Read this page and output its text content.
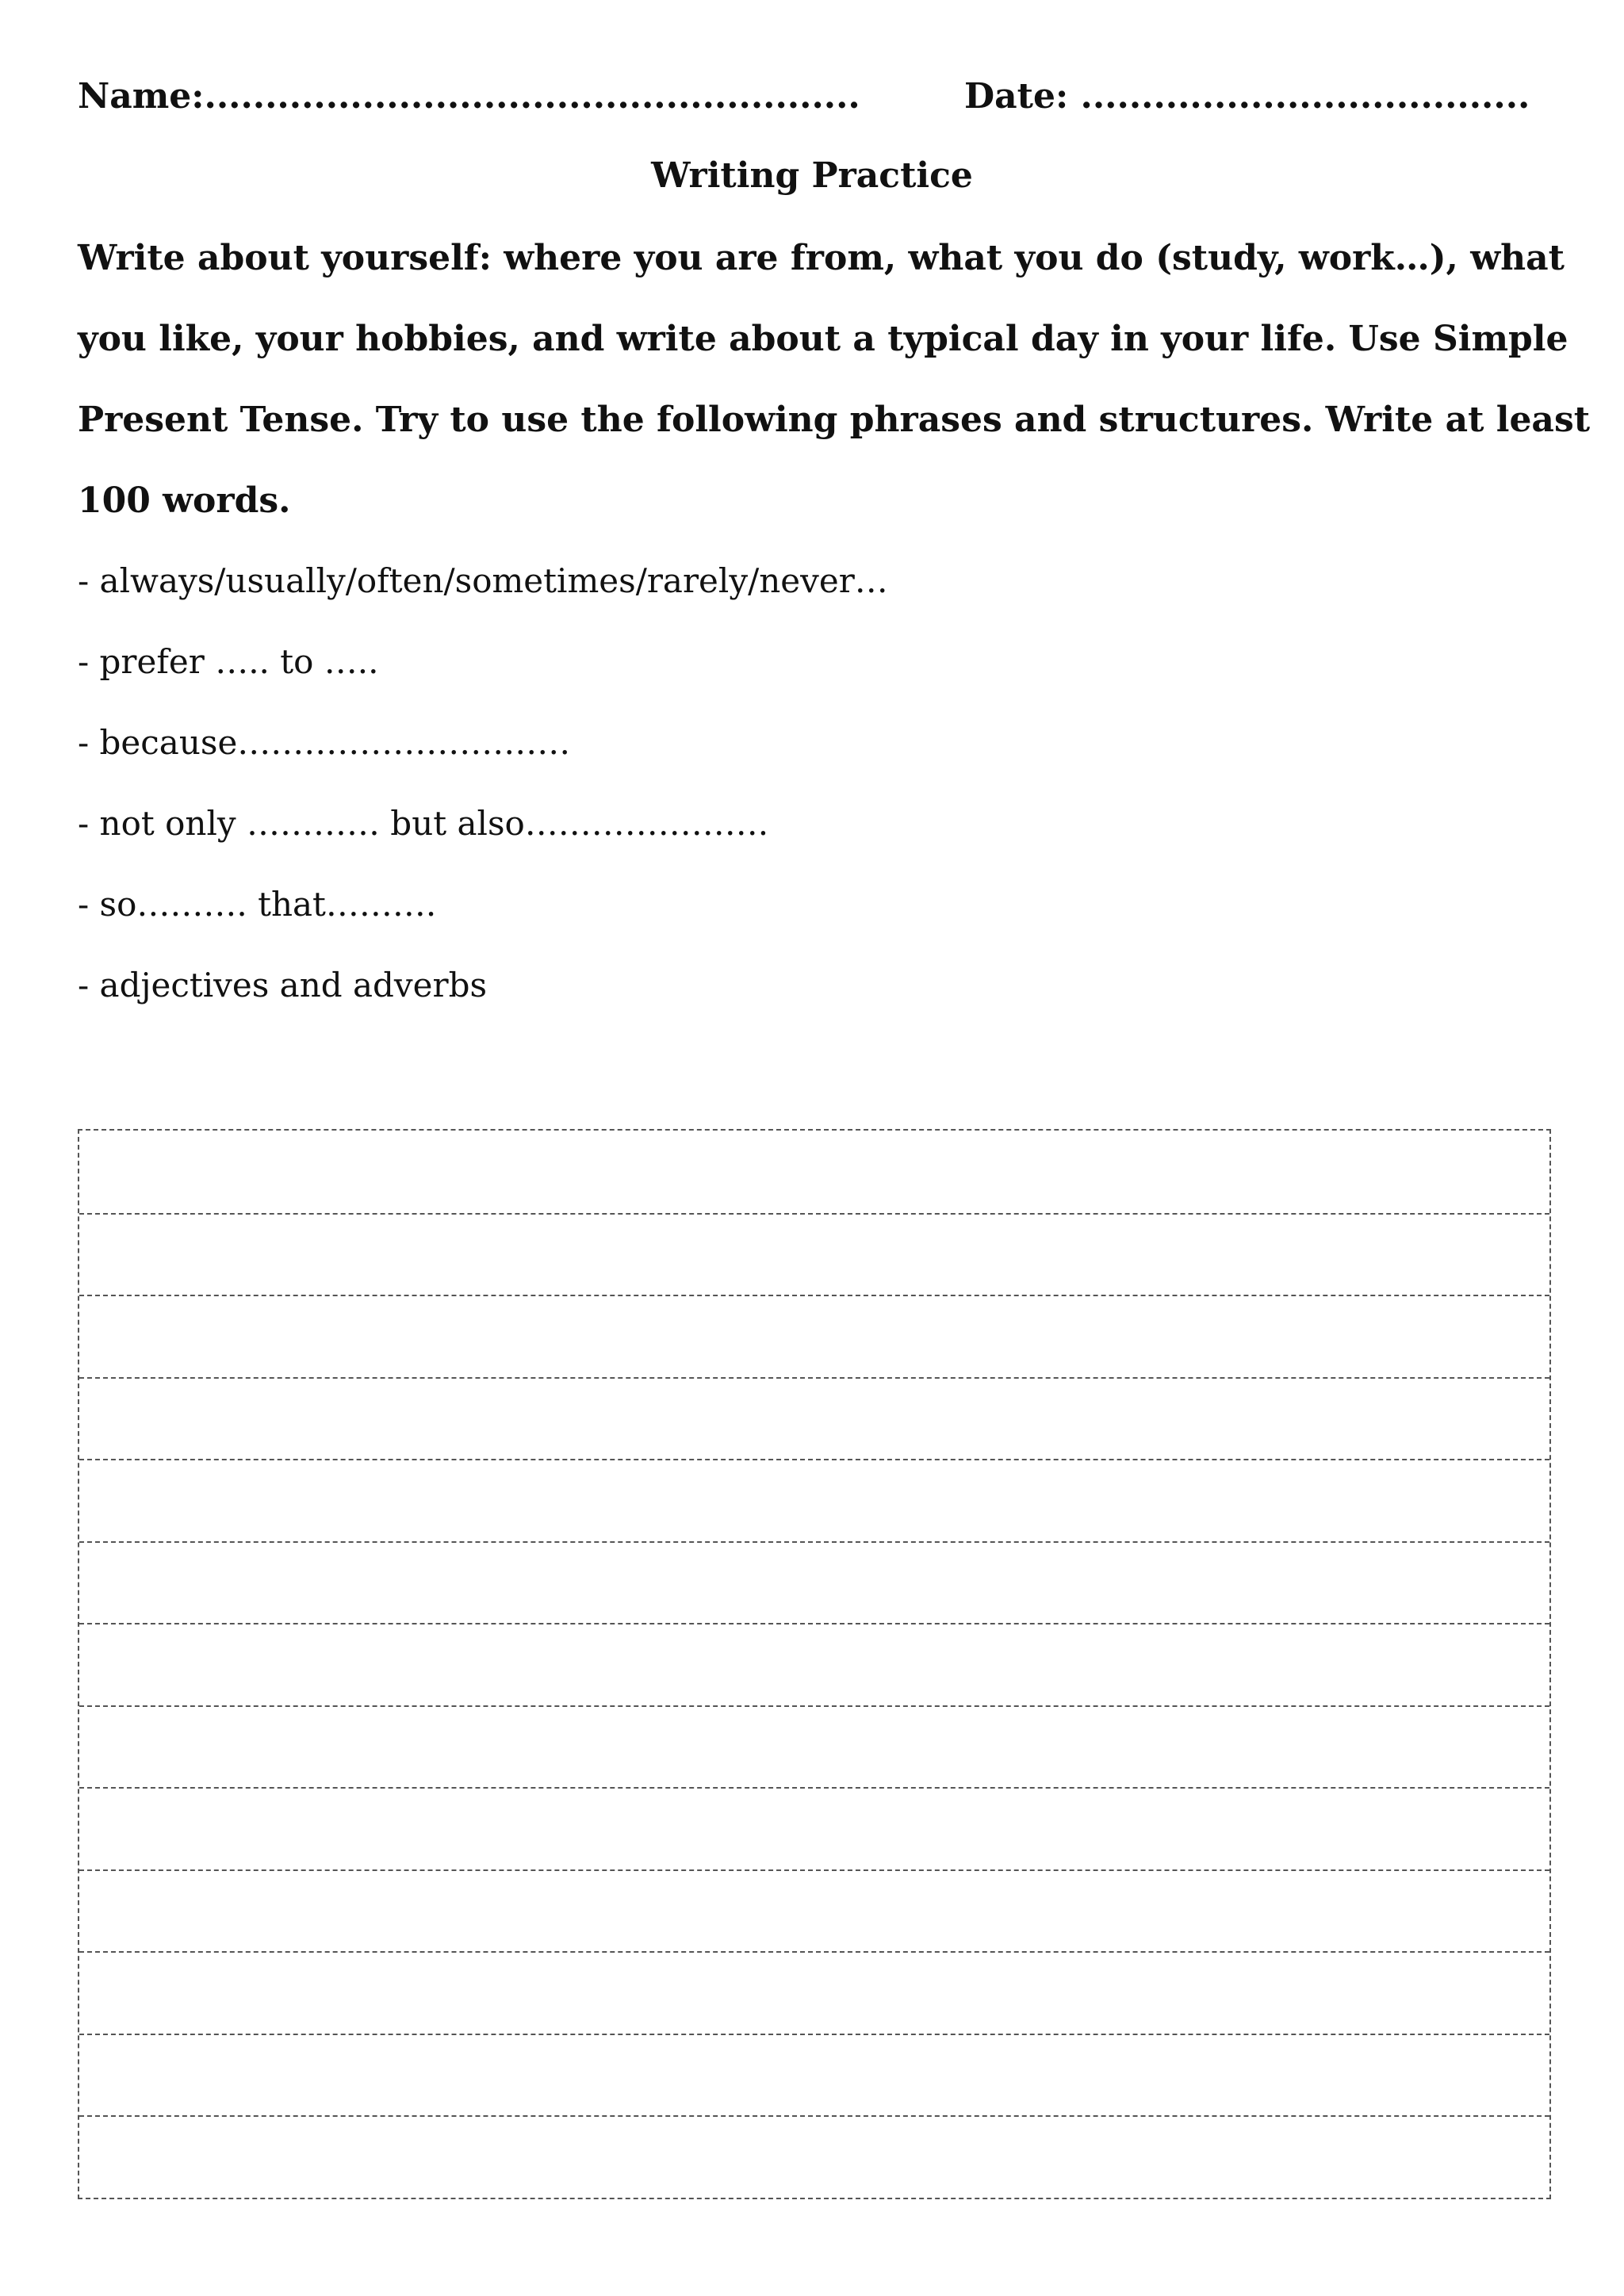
Name:......................................................	Date: .....................................
Writing Practice
Write about yourself: where you are from, what you do (study, work…), what
you like, your hobbies, and write about a typical day in your life. Use Simple
Present Tense. Try to use the following phrases and structures. Write at least
100 words.
- always/usually/often/sometimes/rarely/never…
- prefer ….. to …..
- because…………………………
- not only ………… but also………………….
- so………. that……….
- adjectives and adverbs
